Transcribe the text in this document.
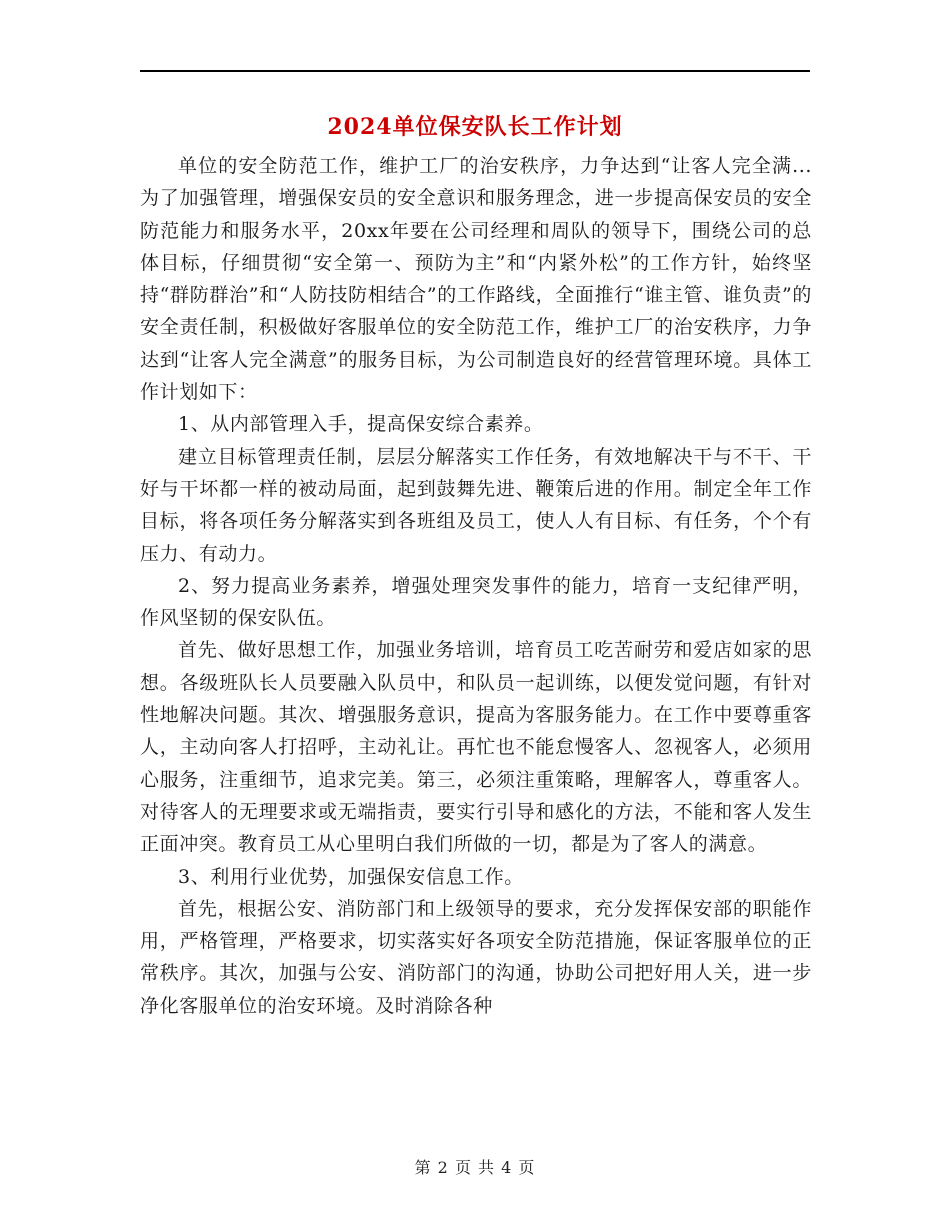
2024单位保安队长工作计划

单位的安全防范工作，维护工厂的治安秩序，力争达到“让客人完全满...为了加强管理，增强保安员的安全意识和服务理念，进一步提高保安员的安全防范能力和服务水平，20xx年要在公司经理和周队的领导下，围绕公司的总体目标，仔细贯彻“安全第一、预防为主”和“内紧外松”的工作方针，始终坚持“群防群治”和“人防技防相结合”的工作路线，全面推行“谁主管、谁负责”的安全责任制，积极做好客服单位的安全防范工作，维护工厂的治安秩序，力争达到“让客人完全满意”的服务目标，为公司制造良好的经营管理环境。具体工作计划如下：

1、从内部管理入手，提高保安综合素养。

建立目标管理责任制，层层分解落实工作任务，有效地解决干与不干、干好与干坏都一样的被动局面，起到鼓舞先进、鞭策后进的作用。制定全年工作目标，将各项任务分解落实到各班组及员工，使人人有目标、有任务，个个有压力、有动力。

2、努力提高业务素养，增强处理突发事件的能力，培育一支纪律严明，作风坚韧的保安队伍。

首先、做好思想工作，加强业务培训，培育员工吃苦耐劳和爱店如家的思想。各级班队长人员要融入队员中，和队员一起训练，以便发觉问题，有针对性地解决问题。其次、增强服务意识，提高为客服务能力。在工作中要尊重客人，主动向客人打招呼，主动礼让。再忙也不能怠慢客人、忽视客人，必须用心服务，注重细节，追求完美。第三，必须注重策略，理解客人，尊重客人。对待客人的无理要求或无端指责，要实行引导和感化的方法，不能和客人发生正面冲突。教育员工从心里明白我们所做的一切，都是为了客人的满意。

3、利用行业优势，加强保安信息工作。

首先，根据公安、消防部门和上级领导的要求，充分发挥保安部的职能作用，严格管理，严格要求，切实落实好各项安全防范措施，保证客服单位的正常秩序。其次，加强与公安、消防部门的沟通，协助公司把好用人关，进一步净化客服单位的治安环境。及时消除各种

第 2 页 共 4 页
